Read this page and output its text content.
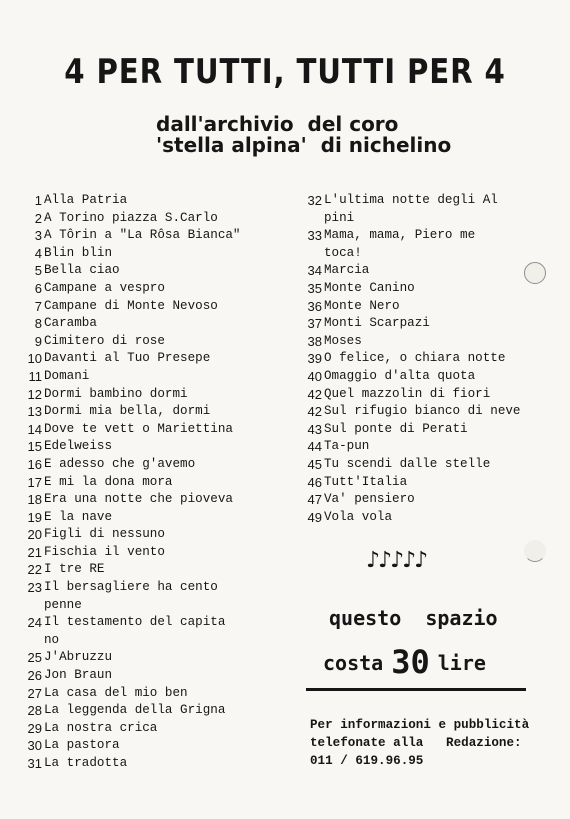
4 PER TUTTI, TUTTI PER 4
dall'archivio  del coro
'stella alpina'  di nichelino
1 Alla Patria
2 A Torino piazza S.Carlo
3 A Tôrin a "La Rôsa Bianca"
4 Blin blin
5 Bella ciao
6 Campane a vespro
7 Campane di Monte Nevoso
8 Caramba
9 Cimitero di rose
10 Davanti al Tuo Presepe
11 Domani
12 Dormi bambino dormi
13 Dormi mia bella, dormi
14 Dove te vett o Mariettina
15 Edelweiss
16 E adesso che g'avemo
17 E mi la dona mora
18 Era una notte che pioveva
19 E la nave
20 Figli di nessuno
21 Fischia il vento
22 I tre RE
23 Il bersagliere ha cento
penne
24 Il testamento del capita
no
25 J'Abruzzu
26 Jon Braun
27 La casa del mio ben
28 La leggenda della Grigna
29 La nostra crica
30 La pastora
31 La tradotta
32 L'ultima notte degli Al
pini
33 Mama, mama, Piero me
toca!
34 Marcia
35 Monte Canino
36 Monte Nero
37 Monti Scarpazi
38 Moses
39 O felice, o chiara notte
40 Omaggio d'alta quota
42 Quel mazzolin di fiori
42 Sul rifugio bianco di neve
43 Sul ponte di Perati
44 Ta-pun
45 Tu scendi dalle stelle
46 Tutt'Italia
47 Va' pensiero
49 Vola vola
♪♪♪♪♪
questo  spazio
costa 30 lire
Per informazioni e pubblicità
telefonate alla   Redazione:
011 / 619.96.95
